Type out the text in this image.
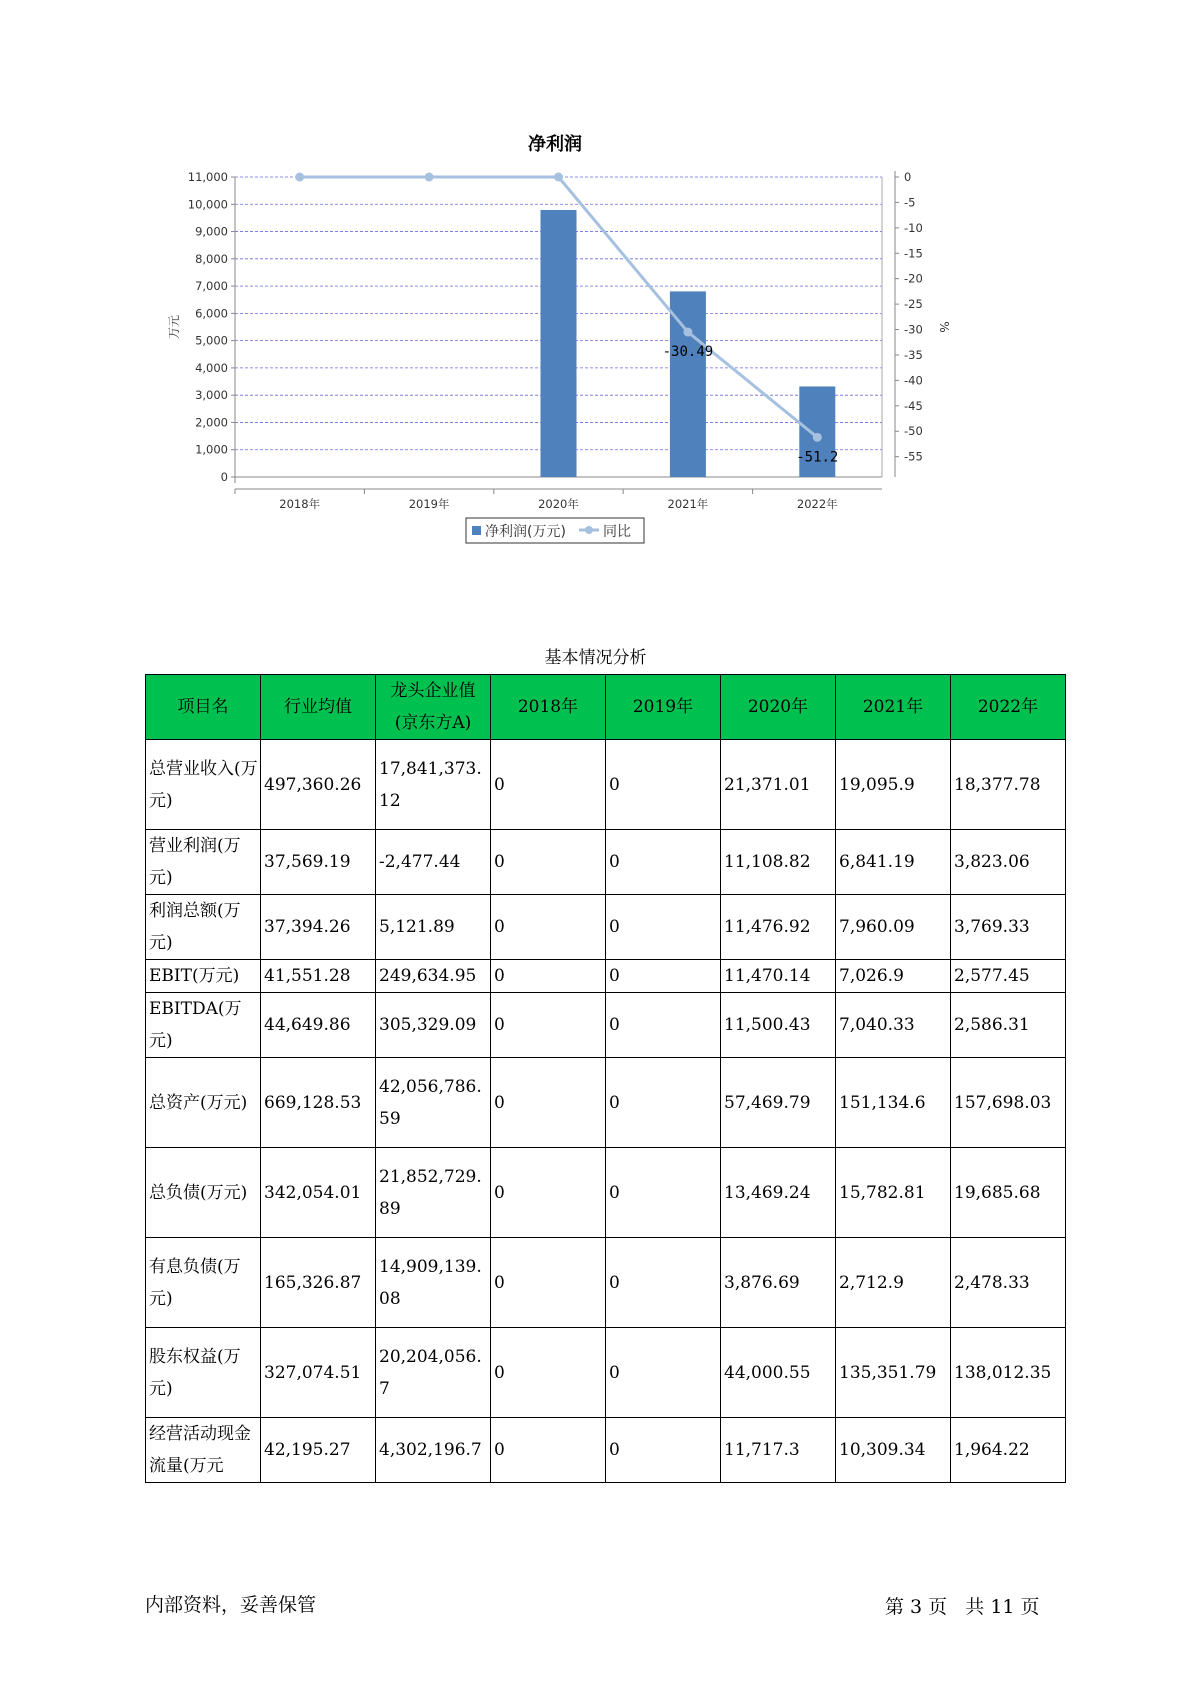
净利润
0
1,000
2,000
3,000
4,000
5,000
6,000
7,000
8,000
9,000
10,000
11,000	0
-5
-10
-15
-20
-25
-30
-35
-40
-45
-50
-55
万元	%
2018年	2019年	2020年	2021年	2022年
-30.49
-51.2
净利润(万元)	同比
基本情况分析
项目名	行业均值	龙头企业值(京东方A)	2018年	2019年	2020年	2021年	2022年
总营业收入(万元)	497,360.26	17,841,373.12	0	0	21,371.01	19,095.9	18,377.78
营业利润(万元)	37,569.19	-2,477.44	0	0	11,108.82	6,841.19	3,823.06
利润总额(万元)	37,394.26	5,121.89	0	0	11,476.92	7,960.09	3,769.33
EBIT(万元)	41,551.28	249,634.95	0	0	11,470.14	7,026.9	2,577.45
EBITDA(万元)	44,649.86	305,329.09	0	0	11,500.43	7,040.33	2,586.31
总资产(万元)	669,128.53	42,056,786.59	0	0	57,469.79	151,134.6	157,698.03
总负债(万元)	342,054.01	21,852,729.89	0	0	13,469.24	15,782.81	19,685.68
有息负债(万元)	165,326.87	14,909,139.08	0	0	3,876.69	2,712.9	2,478.33
股东权益(万元)	327,074.51	20,204,056.7	0	0	44,000.55	135,351.79	138,012.35
经营活动现金流量(万元	42,195.27	4,302,196.7	0	0	11,717.3	10,309.34	1,964.22
内部资料，妥善保管	第 3 页   共 11 页
